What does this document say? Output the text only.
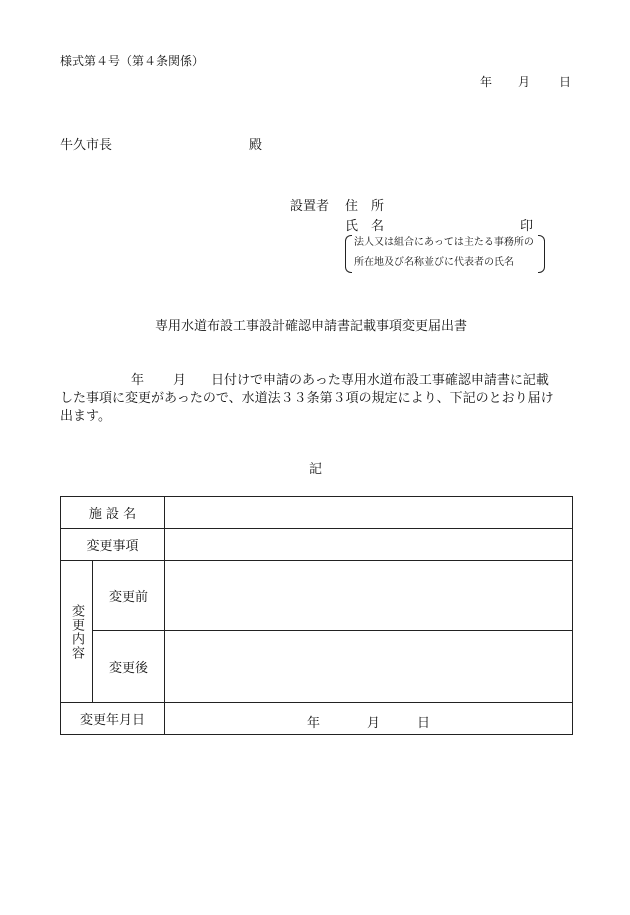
様式第４号（第４条関係）
年 月 日
牛久市長	殿
設置者 住　所
氏　名	印
法人又は組合にあっては主たる事務所の
所在地及び名称並びに代表者の氏名
専用水道布設工事設計確認申請書記載事項変更届出書
年 月 日付けで申請のあった専用水道布設工事確認申請書に記載
した事項に変更があったので、水道法３３条第３項の規定により、下記のとおり届け
出ます。
記
施 設 名		
変更事項		

変更内容	変更前	
	変更後	
変更年月日		年 月 日
